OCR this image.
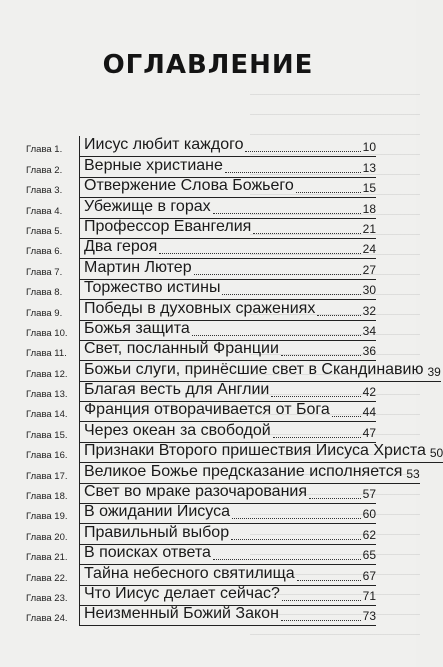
ОГЛАВЛЕНИЕ
Глава 1.	Иисус любит каждого	10
Глава 2.	Верные христиане	13
Глава 3.	Отвержение Слова Божьего	15
Глава 4.	Убежище в горах	18
Глава 5.	Профессор Евангелия	21
Глава 6.	Два героя	24
Глава 7.	Мартин Лютер	27
Глава 8.	Торжество истины	30
Глава 9.	Победы в духовных сражениях	32
Глава 10.	Божья защита	34
Глава 11.	Свет, посланный Франции	36
Глава 12.	Божьи слуги, принёсшие свет в Скандинавию 39
Глава 13.	Благая весть для Англии	42
Глава 14.	Франция отворачивается от Бога	44
Глава 15.	Через океан за свободой	47
Глава 16.	Признаки Второго пришествия Иисуса Христа 50
Глава 17.	Великое Божье предсказание исполняется 53
Глава 18.	Свет во мраке разочарования	57
Глава 19.	В ожидании Иисуса	60
Глава 20.	Правильный выбор	62
Глава 21.	В поисках ответа	65
Глава 22.	Тайна небесного святилища	67
Глава 23.	Что Иисус делает сейчас?	71
Глава 24.	Неизменный Божий Закон	73
